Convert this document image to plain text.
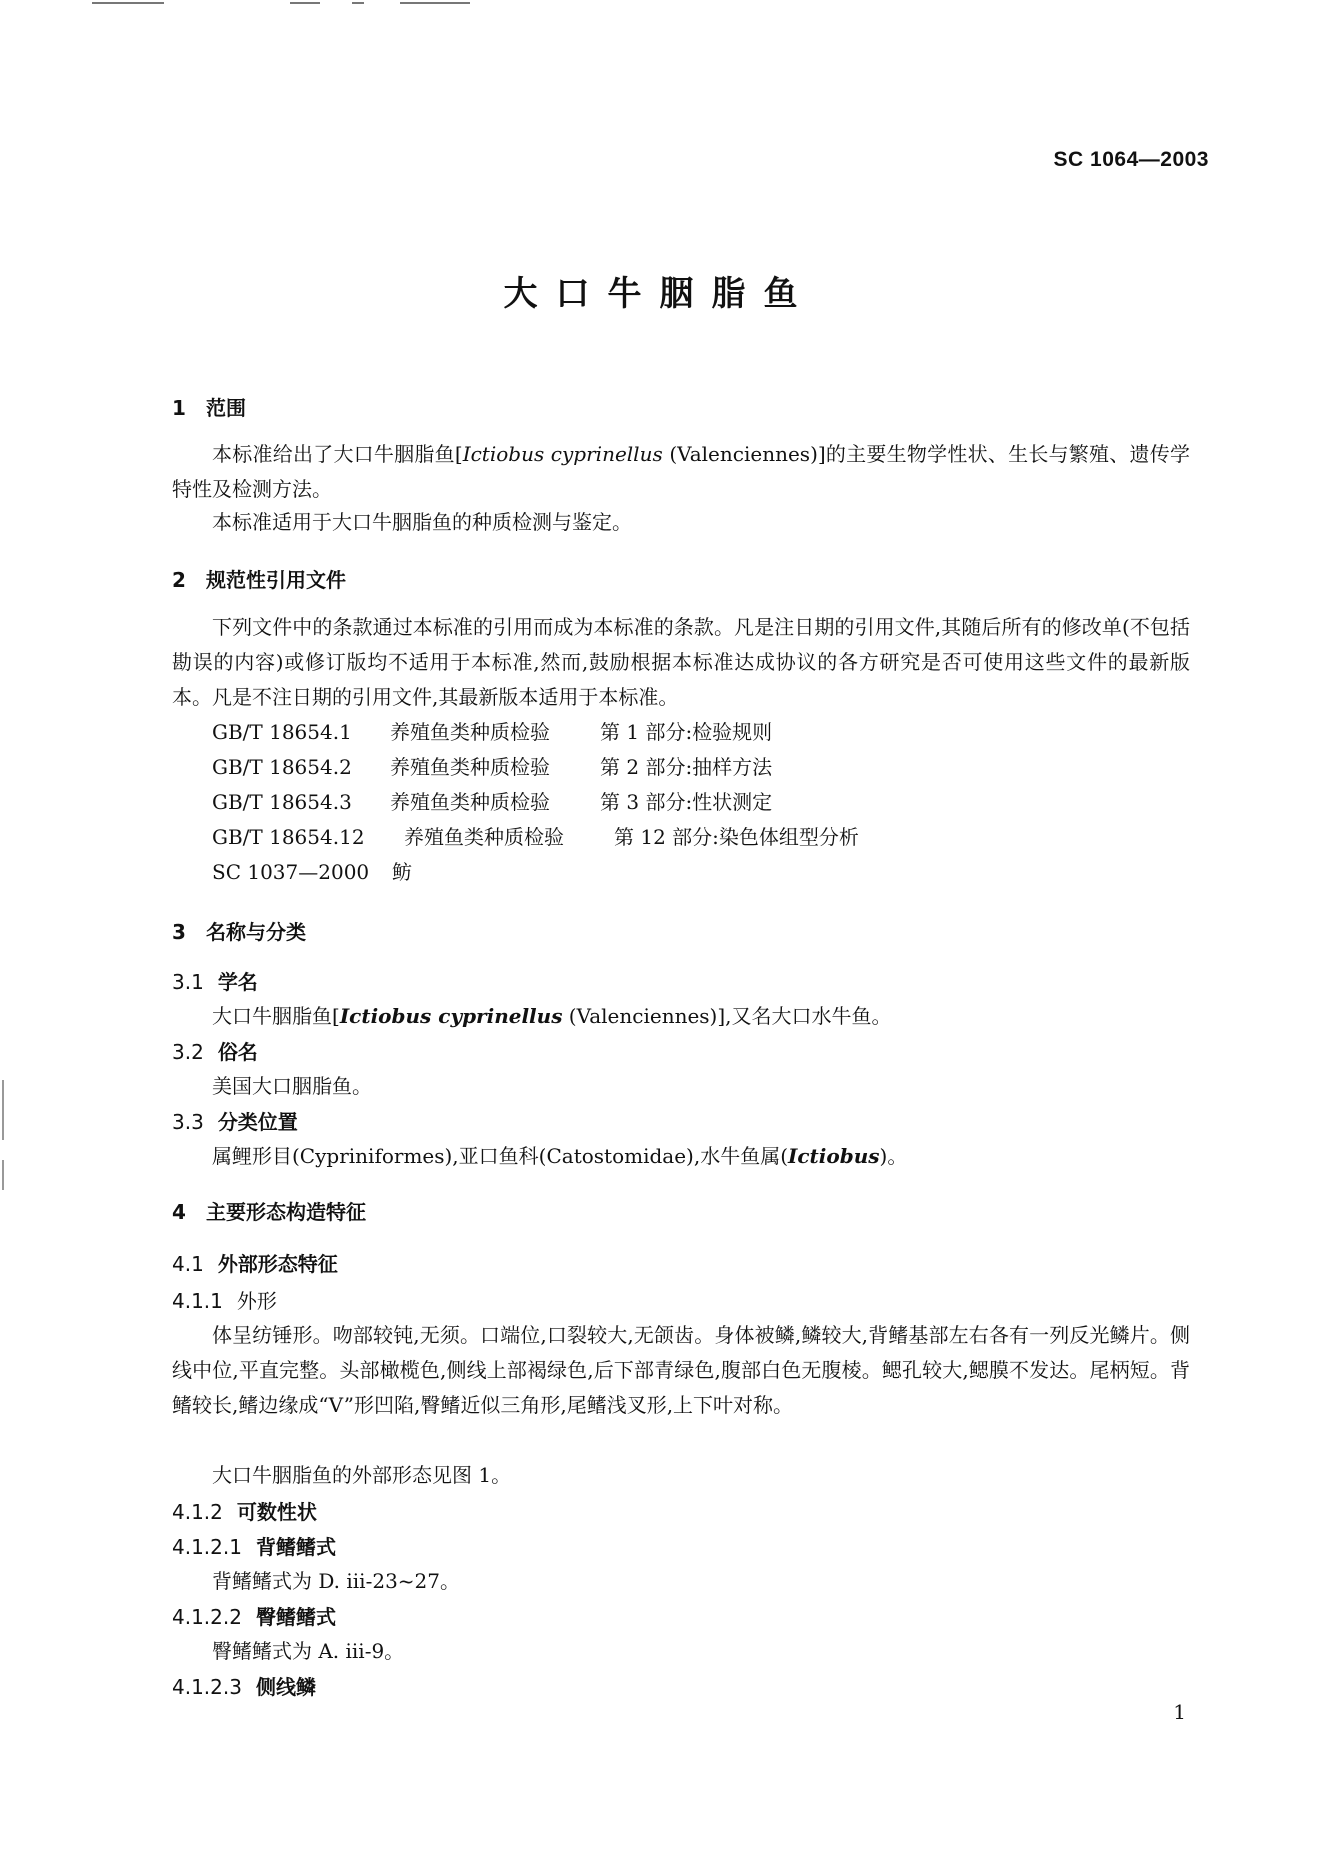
SC 1064—2003
大口牛胭脂鱼
1 范围
本标准给出了大口牛胭脂鱼[Ictiobus cyprinellus (Valenciennes)]的主要生物学性状、生长与繁殖、遗传学特性及检测方法。
本标准适用于大口牛胭脂鱼的种质检测与鉴定。
2 规范性引用文件
下列文件中的条款通过本标准的引用而成为本标准的条款。凡是注日期的引用文件,其随后所有的修改单(不包括勘误的内容)或修订版均不适用于本标准,然而,鼓励根据本标准达成协议的各方研究是否可使用这些文件的最新版本。凡是不注日期的引用文件,其最新版本适用于本标准。
GB/T 18654.1 养殖鱼类种质检验	第 1 部分:检验规则
GB/T 18654.2 养殖鱼类种质检验	第 2 部分:抽样方法
GB/T 18654.3 养殖鱼类种质检验	第 3 部分:性状测定
GB/T 18654.12 养殖鱼类种质检验	第 12 部分:染色体组型分析
SC 1037—2000 鲂
3 名称与分类
3.1 学名
大口牛胭脂鱼[Ictiobus cyprinellus (Valenciennes)],又名大口水牛鱼。
3.2 俗名
美国大口胭脂鱼。
3.3 分类位置
属鲤形目(Cypriniformes),亚口鱼科(Catostomidae),水牛鱼属(Ictiobus)。
4 主要形态构造特征
4.1 外部形态特征
4.1.1 外形
体呈纺锤形。吻部较钝,无须。口端位,口裂较大,无颌齿。身体被鳞,鳞较大,背鳍基部左右各有一列反光鳞片。侧线中位,平直完整。头部橄榄色,侧线上部褐绿色,后下部青绿色,腹部白色无腹棱。鳃孔较大,鳃膜不发达。尾柄短。背鳍较长,鳍边缘成“V”形凹陷,臀鳍近似三角形,尾鳍浅叉形,上下叶对称。
大口牛胭脂鱼的外部形态见图 1。
4.1.2 可数性状
4.1.2.1 背鳍鳍式
背鳍鳍式为 D. iii-23~27。
4.1.2.2 臀鳍鳍式
臀鳍鳍式为 A. iii-9。
4.1.2.3 侧线鳞
1
